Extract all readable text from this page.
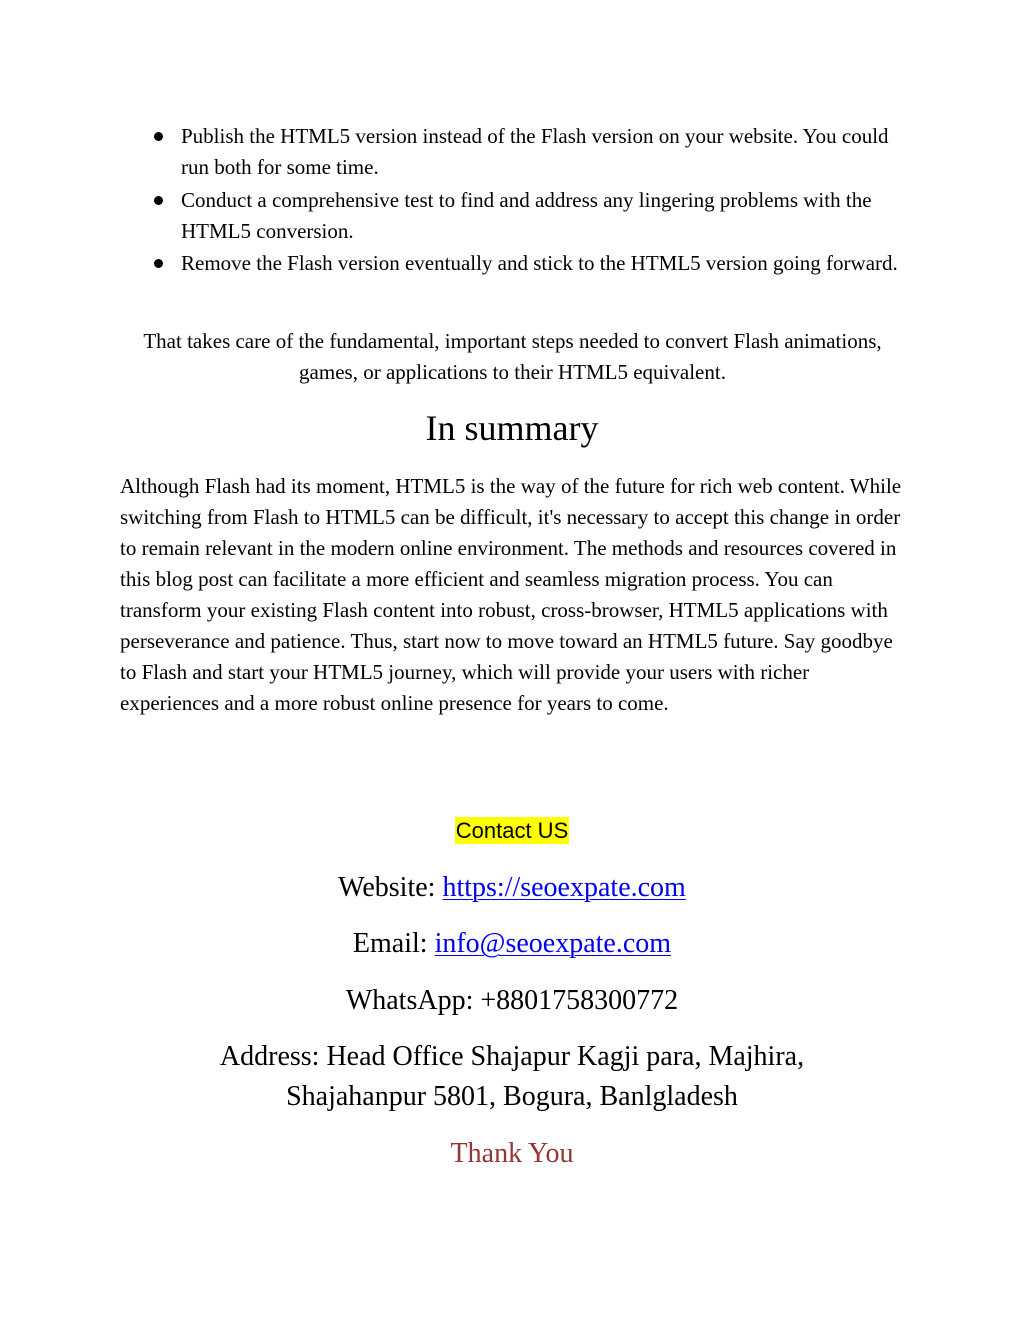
Publish the HTML5 version instead of the Flash version on your website. You could run both for some time.
Conduct a comprehensive test to find and address any lingering problems with the HTML5 conversion.
Remove the Flash version eventually and stick to the HTML5 version going forward.

That takes care of the fundamental, important steps needed to convert Flash animations, games, or applications to their HTML5 equivalent.

In summary

Although Flash had its moment, HTML5 is the way of the future for rich web content. While switching from Flash to HTML5 can be difficult, it's necessary to accept this change in order to remain relevant in the modern online environment. The methods and resources covered in this blog post can facilitate a more efficient and seamless migration process. You can transform your existing Flash content into robust, cross-browser, HTML5 applications with perseverance and patience. Thus, start now to move toward an HTML5 future. Say goodbye to Flash and start your HTML5 journey, which will provide your users with richer experiences and a more robust online presence for years to come.

Contact US

Website: https://seoexpate.com

Email: info@seoexpate.com

WhatsApp: +8801758300772

Address: Head Office Shajapur Kagji para, Majhira,
Shajahanpur 5801, Bogura, Banlgladesh

Thank You
